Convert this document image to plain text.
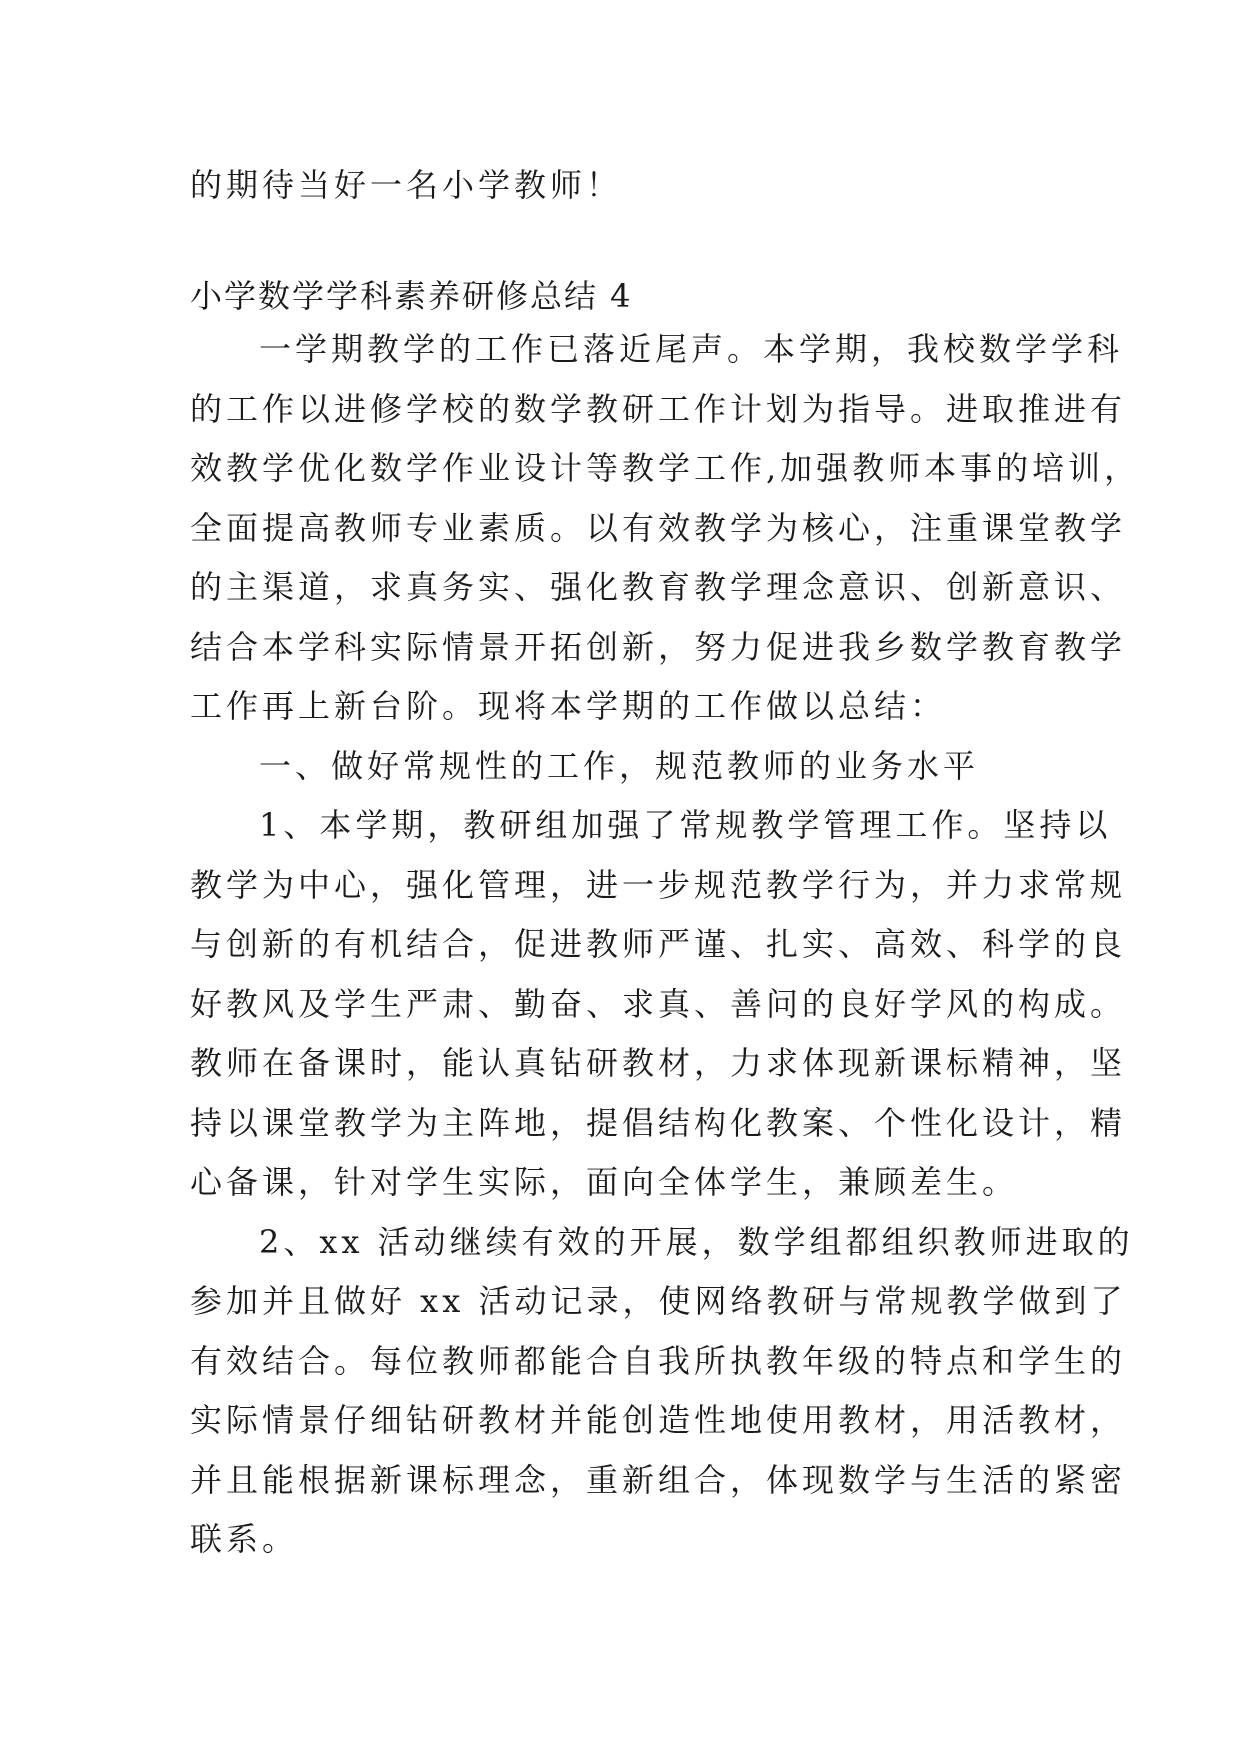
的期待当好一名小学教师！

小学数学学科素养研修总结 4

一学期教学的工作已落近尾声。本学期，我校数学学科
的工作以进修学校的数学教研工作计划为指导。进取推进有
效教学优化数学作业设计等教学工作,加强教师本事的培训，
全面提高教师专业素质。以有效教学为核心，注重课堂教学
的主渠道，求真务实、强化教育教学理念意识、创新意识、
结合本学科实际情景开拓创新，努力促进我乡数学教育教学
工作再上新台阶。现将本学期的工作做以总结：
一、做好常规性的工作，规范教师的业务水平
1、本学期，教研组加强了常规教学管理工作。坚持以
教学为中心，强化管理，进一步规范教学行为，并力求常规
与创新的有机结合，促进教师严谨、扎实、高效、科学的良
好教风及学生严肃、勤奋、求真、善问的良好学风的构成。
教师在备课时，能认真钻研教材，力求体现新课标精神，坚
持以课堂教学为主阵地，提倡结构化教案、个性化设计，精
心备课，针对学生实际，面向全体学生，兼顾差生。
2、xx 活动继续有效的开展，数学组都组织教师进取的
参加并且做好 xx 活动记录，使网络教研与常规教学做到了
有效结合。每位教师都能合自我所执教年级的特点和学生的
实际情景仔细钻研教材并能创造性地使用教材，用活教材，
并且能根据新课标理念，重新组合，体现数学与生活的紧密
联系。
